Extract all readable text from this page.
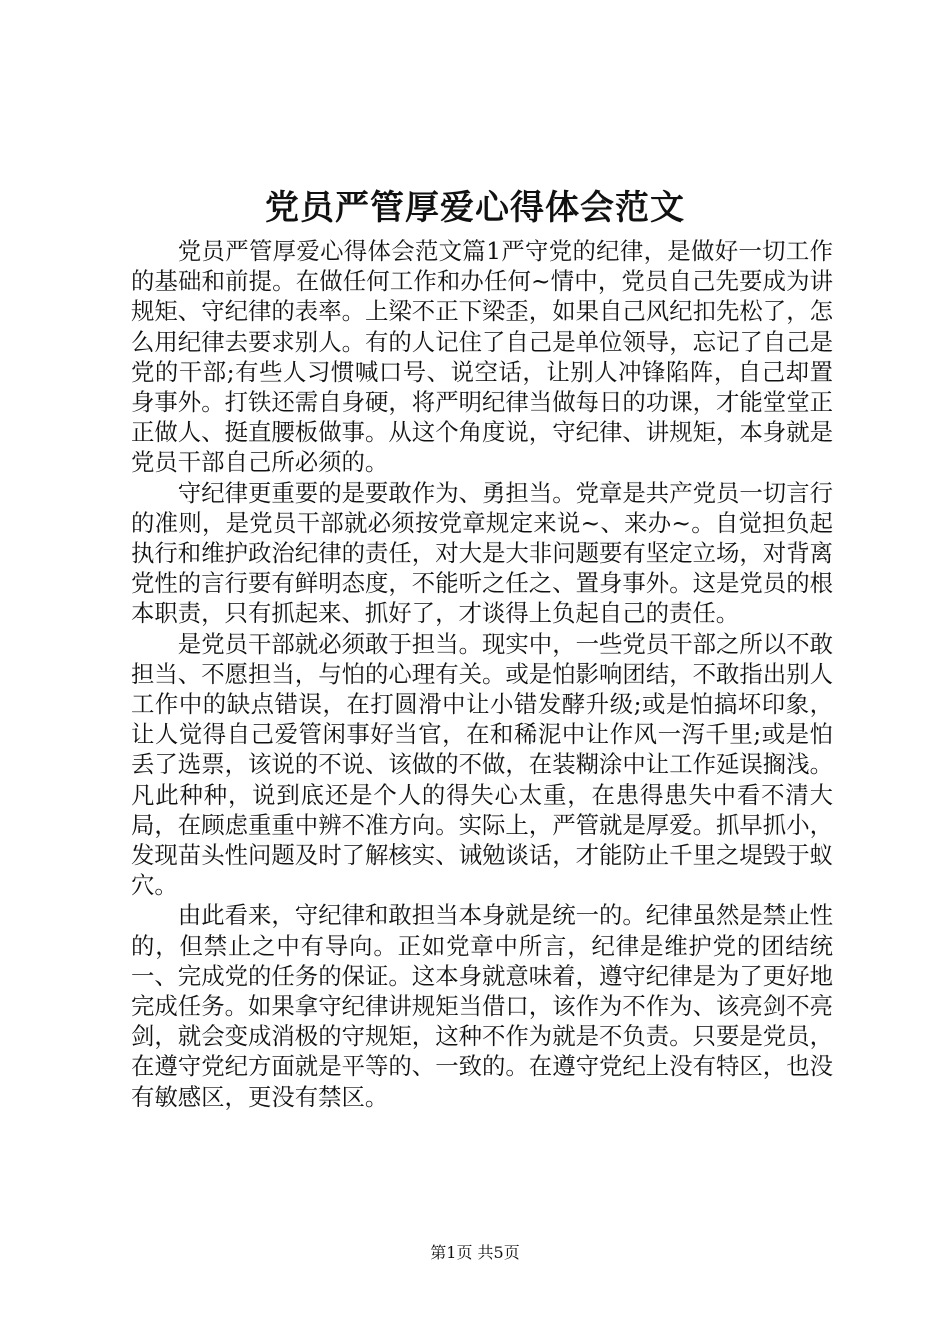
党员严管厚爱心得体会范文

党员严管厚爱心得体会范文篇1严守党的纪律，是做好一切工作的基础和前提。在做任何工作和办任何~情中，党员自己先要成为讲规矩、守纪律的表率。上梁不正下梁歪，如果自己风纪扣先松了，怎么用纪律去要求别人。有的人记住了自己是单位领导，忘记了自己是党的干部;有些人习惯喊口号、说空话，让别人冲锋陷阵，自己却置身事外。打铁还需自身硬，将严明纪律当做每日的功课，才能堂堂正正做人、挺直腰板做事。从这个角度说，守纪律、讲规矩，本身就是党员干部自己所必须的。

守纪律更重要的是要敢作为、勇担当。党章是共产党员一切言行的准则，是党员干部就必须按党章规定来说~、来办~。自觉担负起执行和维护政治纪律的责任，对大是大非问题要有坚定立场，对背离党性的言行要有鲜明态度，不能听之任之、置身事外。这是党员的根本职责，只有抓起来、抓好了，才谈得上负起自己的责任。

是党员干部就必须敢于担当。现实中，一些党员干部之所以不敢担当、不愿担当，与怕的心理有关。或是怕影响团结，不敢指出别人工作中的缺点错误，在打圆滑中让小错发酵升级;或是怕搞坏印象，让人觉得自己爱管闲事好当官，在和稀泥中让作风一泻千里;或是怕丢了选票，该说的不说、该做的不做，在装糊涂中让工作延误搁浅。凡此种种，说到底还是个人的得失心太重，在患得患失中看不清大局，在顾虑重重中辨不准方向。实际上，严管就是厚爱。抓早抓小，发现苗头性问题及时了解核实、诫勉谈话，才能防止千里之堤毁于蚁穴。

由此看来，守纪律和敢担当本身就是统一的。纪律虽然是禁止性的，但禁止之中有导向。正如党章中所言，纪律是维护党的团结统一、完成党的任务的保证。这本身就意味着，遵守纪律是为了更好地完成任务。如果拿守纪律讲规矩当借口，该作为不作为、该亮剑不亮剑，就会变成消极的守规矩，这种不作为就是不负责。只要是党员，在遵守党纪方面就是平等的、一致的。在遵守党纪上没有特区，也没有敏感区，更没有禁区。

第1页 共5页
